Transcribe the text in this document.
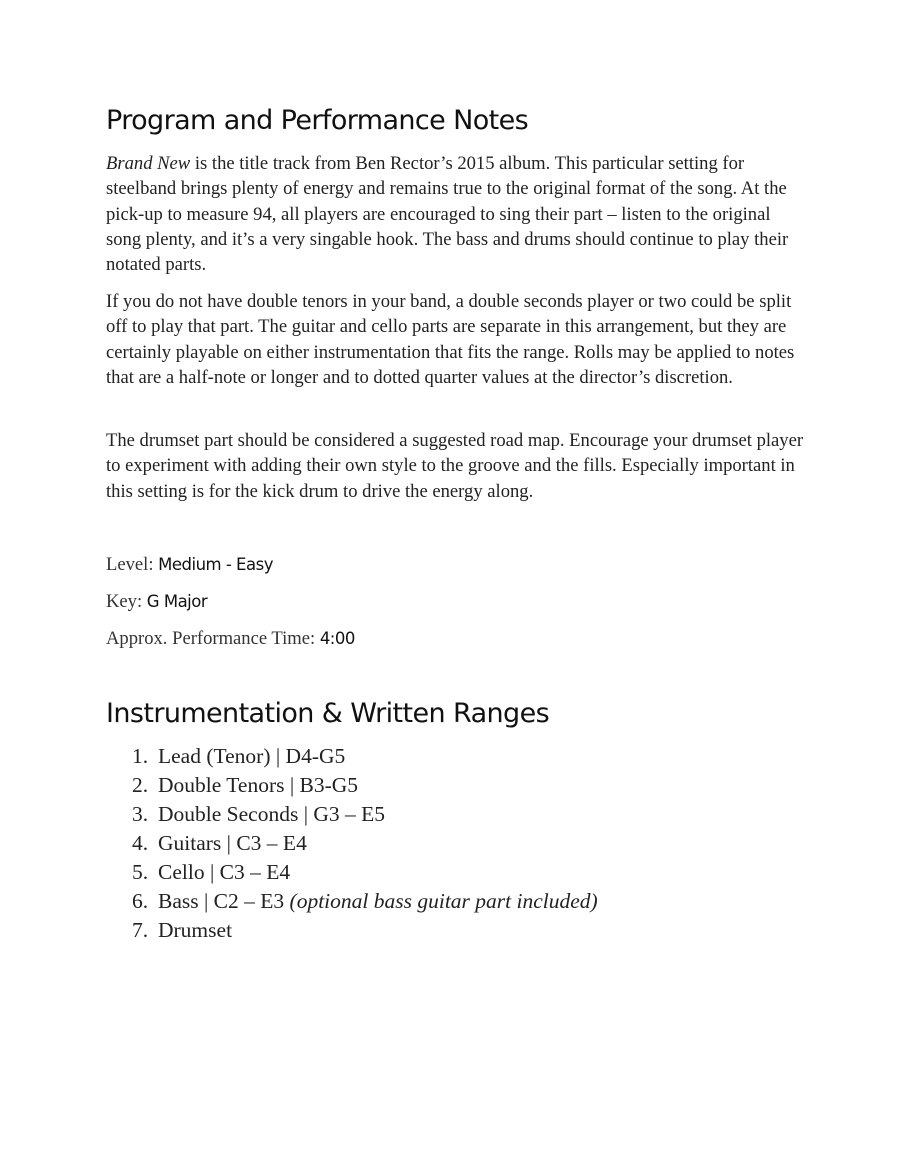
Program and Performance Notes

Brand New is the title track from Ben Rector’s 2015 album. This particular setting for steelband brings plenty of energy and remains true to the original format of the song. At the pick-up to measure 94, all players are encouraged to sing their part – listen to the original song plenty, and it’s a very singable hook. The bass and drums should continue to play their notated parts.

If you do not have double tenors in your band, a double seconds player or two could be split off to play that part. The guitar and cello parts are separate in this arrangement, but they are certainly playable on either instrumentation that fits the range. Rolls may be applied to notes that are a half-note or longer and to dotted quarter values at the director’s discretion.

The drumset part should be considered a suggested road map. Encourage your drumset player to experiment with adding their own style to the groove and the fills. Especially important in this setting is for the kick drum to drive the energy along.

Level: Medium - Easy

Key: G Major

Approx. Performance Time: 4:00

Instrumentation & Written Ranges
1. Lead (Tenor) | D4-G5
2. Double Tenors | B3-G5
3. Double Seconds | G3 – E5
4. Guitars | C3 – E4
5. Cello | C3 – E4
6. Bass | C2 – E3 (optional bass guitar part included)
7. Drumset
